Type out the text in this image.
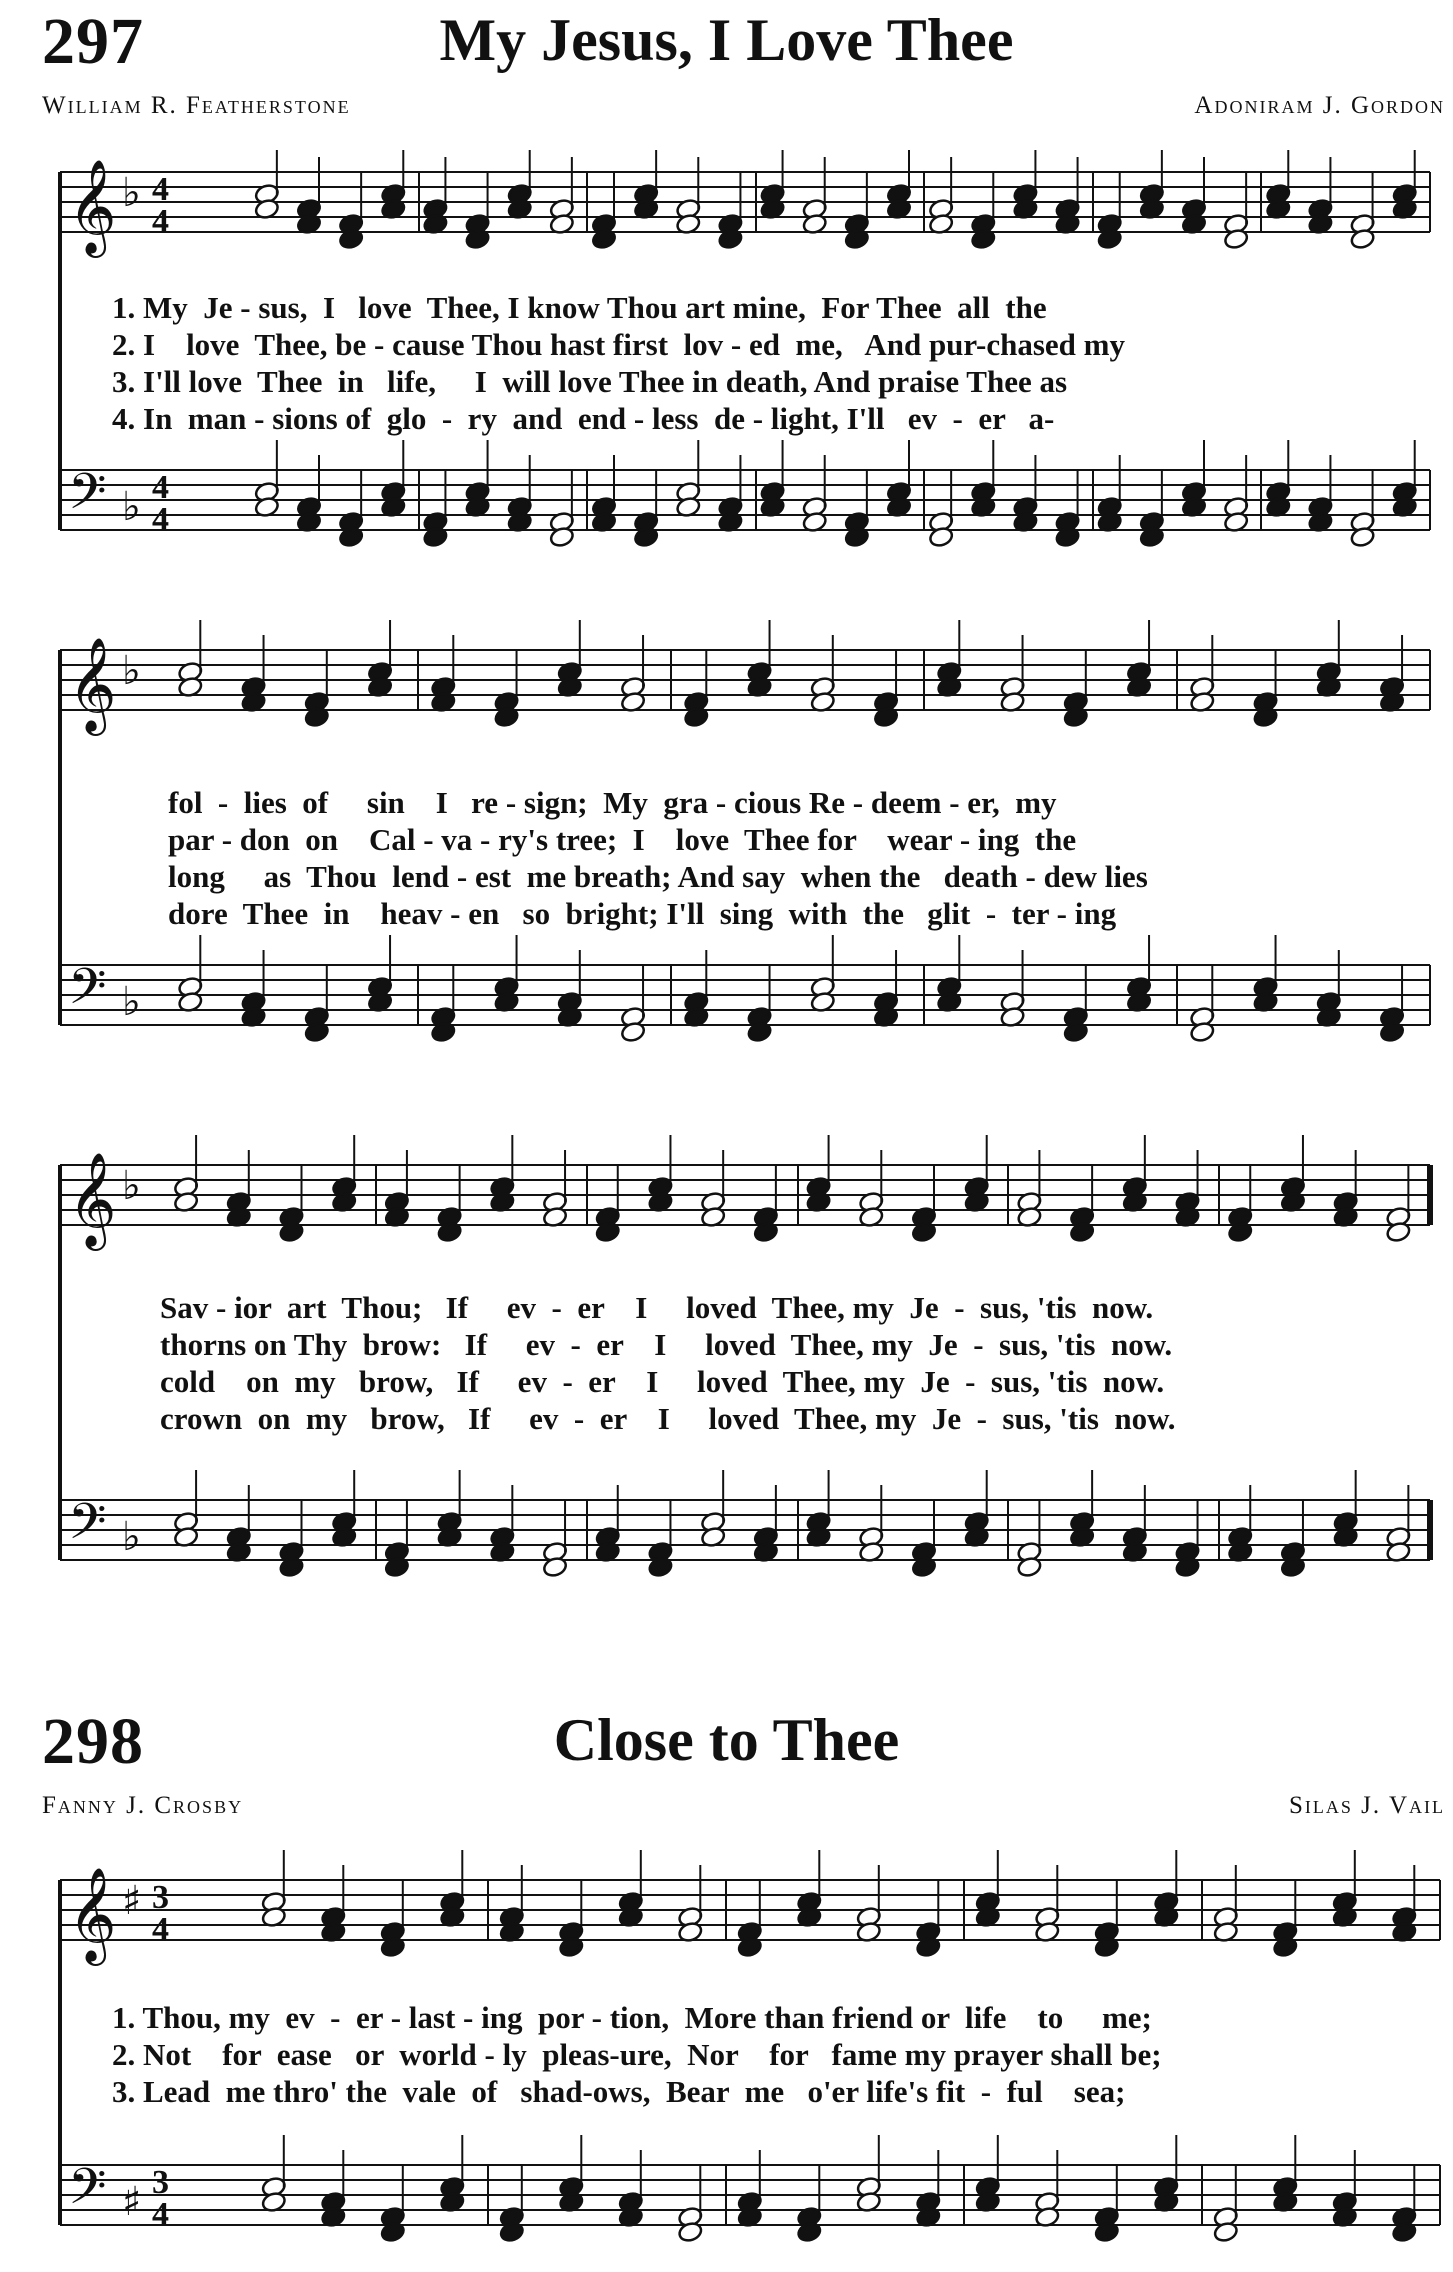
297	My Jesus, I Love Thee
William R. Featherstone	Adoniram J. Gordon
𝄞 ♭ 4
4
𝄢 ♭ 4
4
1. My  Je - sus,  I   love  Thee, I know Thou art mine,  For Thee  all  the
2. I    love  Thee, be - cause Thou hast first  lov - ed  me,   And pur-chased my
3. I'll love  Thee  in   life,     I  will love Thee in death, And praise Thee as
4. In  man - sions of  glo  -  ry  and  end - less  de - light, I'll   ev  -  er   a-
𝄞 ♭
𝄢 ♭
fol  -  lies  of     sin    I   re - sign;  My  gra - cious Re - deem - er,  my
par - don  on    Cal - va - ry's tree;  I    love  Thee for    wear - ing  the
long     as  Thou  lend - est  me breath; And say  when the   death - dew lies
dore  Thee  in    heav - en   so  bright; I'll  sing  with  the   glit  -  ter - ing
𝄞 ♭
𝄢 ♭
Sav - ior  art  Thou;   If     ev  -  er    I     loved  Thee, my  Je  -  sus, 'tis  now.
thorns on Thy  brow:   If     ev  -  er    I     loved  Thee, my  Je  -  sus, 'tis  now.
cold    on  my   brow,   If     ev  -  er    I     loved  Thee, my  Je  -  sus, 'tis  now.
crown  on  my   brow,   If     ev  -  er    I     loved  Thee, my  Je  -  sus, 'tis  now.
298	Close to Thee
Fanny J. Crosby	Silas J. Vail
𝄞 ♯ 3
4
𝄢 ♯ 3
4
1. Thou, my  ev  -  er - last - ing  por - tion,  More than friend or  life    to     me;
2. Not    for  ease   or  world - ly  pleas-ure,  Nor    for   fame my prayer shall be;
3. Lead  me thro' the  vale  of   shad-ows,  Bear  me   o'er life's fit  -  ful    sea;
